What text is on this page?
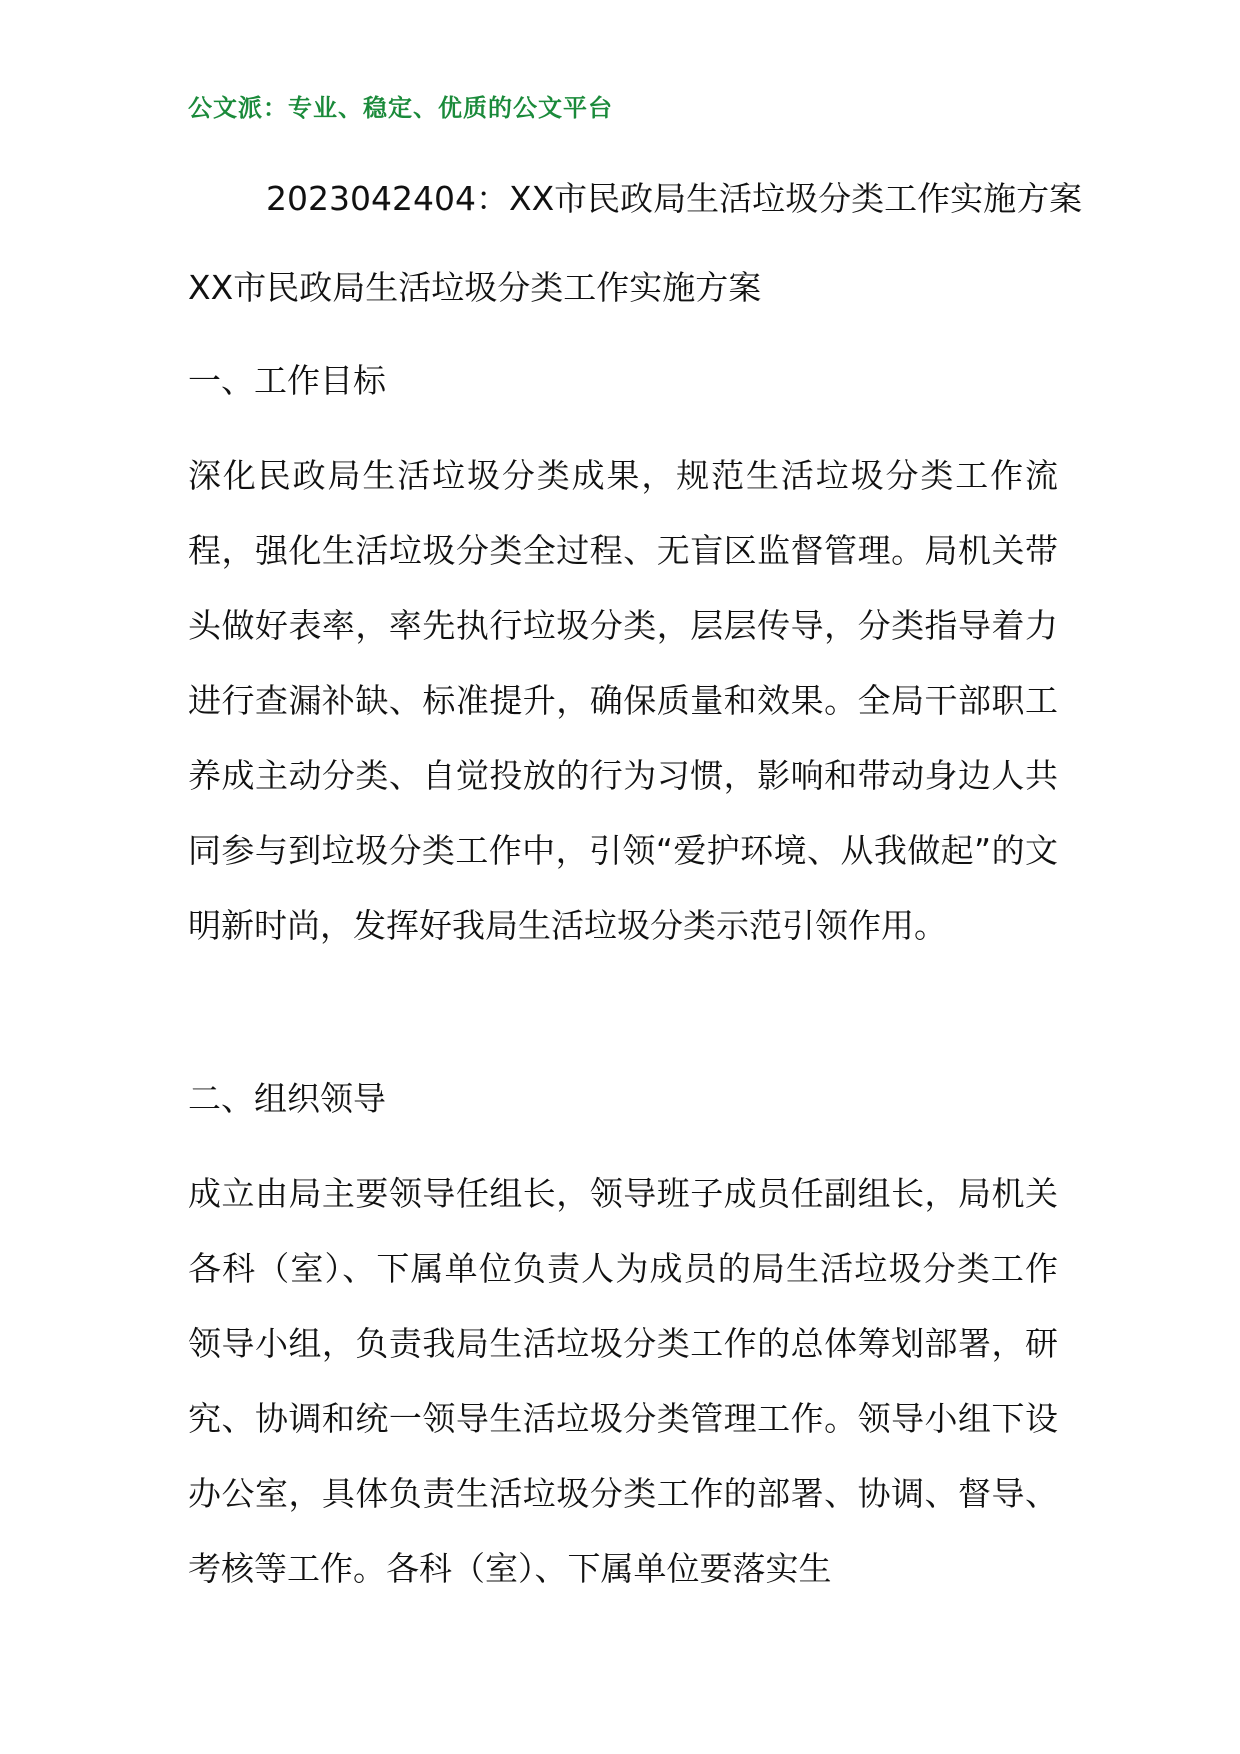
公文派：专业、稳定、优质的公文平台
2023042404：XX市民政局生活垃圾分类工作实施方案

XX市民政局生活垃圾分类工作实施方案

一、工作目标

深化民政局生活垃圾分类成果，规范生活垃圾分类工作流程，强化生活垃圾分类全过程、无盲区监督管理。局机关带头做好表率，率先执行垃圾分类，层层传导，分类指导着力进行查漏补缺、标准提升，确保质量和效果。全局干部职工养成主动分类、自觉投放的行为习惯，影响和带动身边人共同参与到垃圾分类工作中，引领“爱护环境、从我做起”的文明新时尚，发挥好我局生活垃圾分类示范引领作用。

二、组织领导

成立由局主要领导任组长，领导班子成员任副组长，局机关各科（室）、下属单位负责人为成员的局生活垃圾分类工作领导小组，负责我局生活垃圾分类工作的总体筹划部署，研究、协调和统一领导生活垃圾分类管理工作。领导小组下设办公室，具体负责生活垃圾分类工作的部署、协调、督导、考核等工作。各科（室）、下属单位要落实生
